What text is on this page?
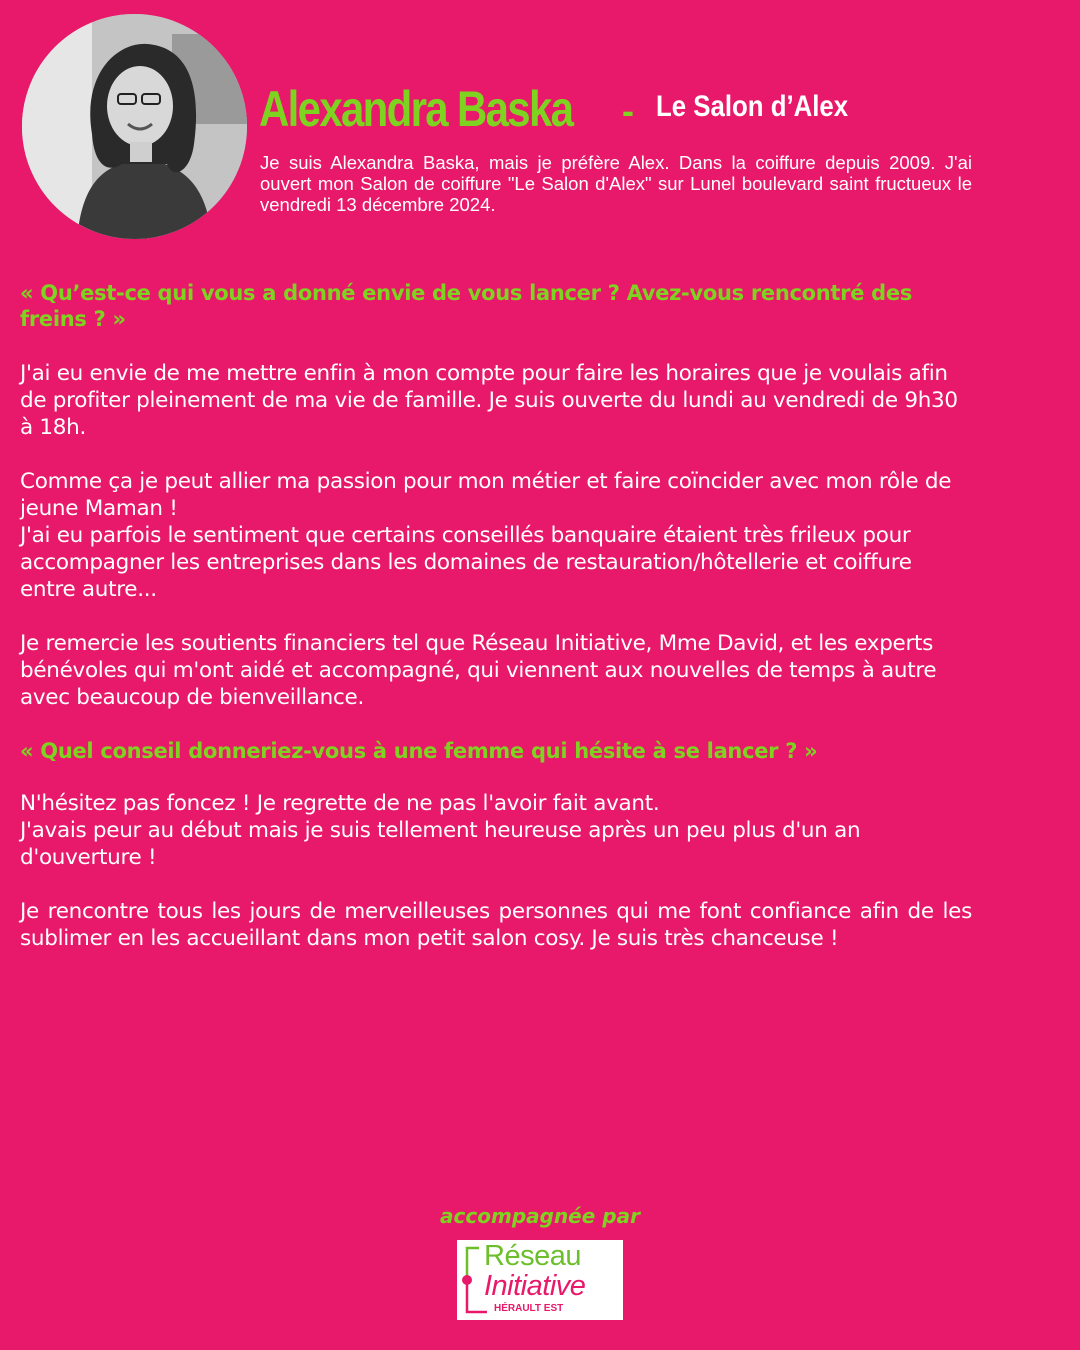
Alexandra Baska - Le Salon d’Alex

Je suis Alexandra Baska, mais je préfère Alex. Dans la coiffure depuis 2009. J'ai ouvert mon Salon de coiffure "Le Salon d'Alex" sur Lunel boulevard saint fructueux le vendredi 13 décembre 2024.

« Qu’est-ce qui vous a donné envie de vous lancer ? Avez-vous rencontré des freins ? »

J'ai eu envie de me mettre enfin à mon compte pour faire les horaires que je voulais afin de profiter pleinement de ma vie de famille. Je suis ouverte du lundi au vendredi de 9h30 à 18h.

Comme ça je peut allier ma passion pour mon métier et faire coïncider avec mon rôle de jeune Maman !

J'ai eu parfois le sentiment que certains conseillés banquaire étaient très frileux pour accompagner les entreprises dans les domaines de restauration/hôtellerie et coiffure entre autre...

Je remercie les soutients financiers tel que Réseau Initiative, Mme David, et les experts bénévoles qui m'ont aidé et accompagné, qui viennent aux nouvelles de temps à autre avec beaucoup de bienveillance.

« Quel conseil donneriez-vous à une femme qui hésite à se lancer ? »

N'hésitez pas foncez ! Je regrette de ne pas l'avoir fait avant.

J'avais peur au début mais je suis tellement heureuse après un peu plus d'un an d'ouverture !

Je rencontre tous les jours de merveilleuses personnes qui me font confiance afin de les sublimer en les accueillant dans mon petit salon cosy. Je suis très chanceuse !

accompagnée par
Réseau
Initiative
HÉRAULT EST
